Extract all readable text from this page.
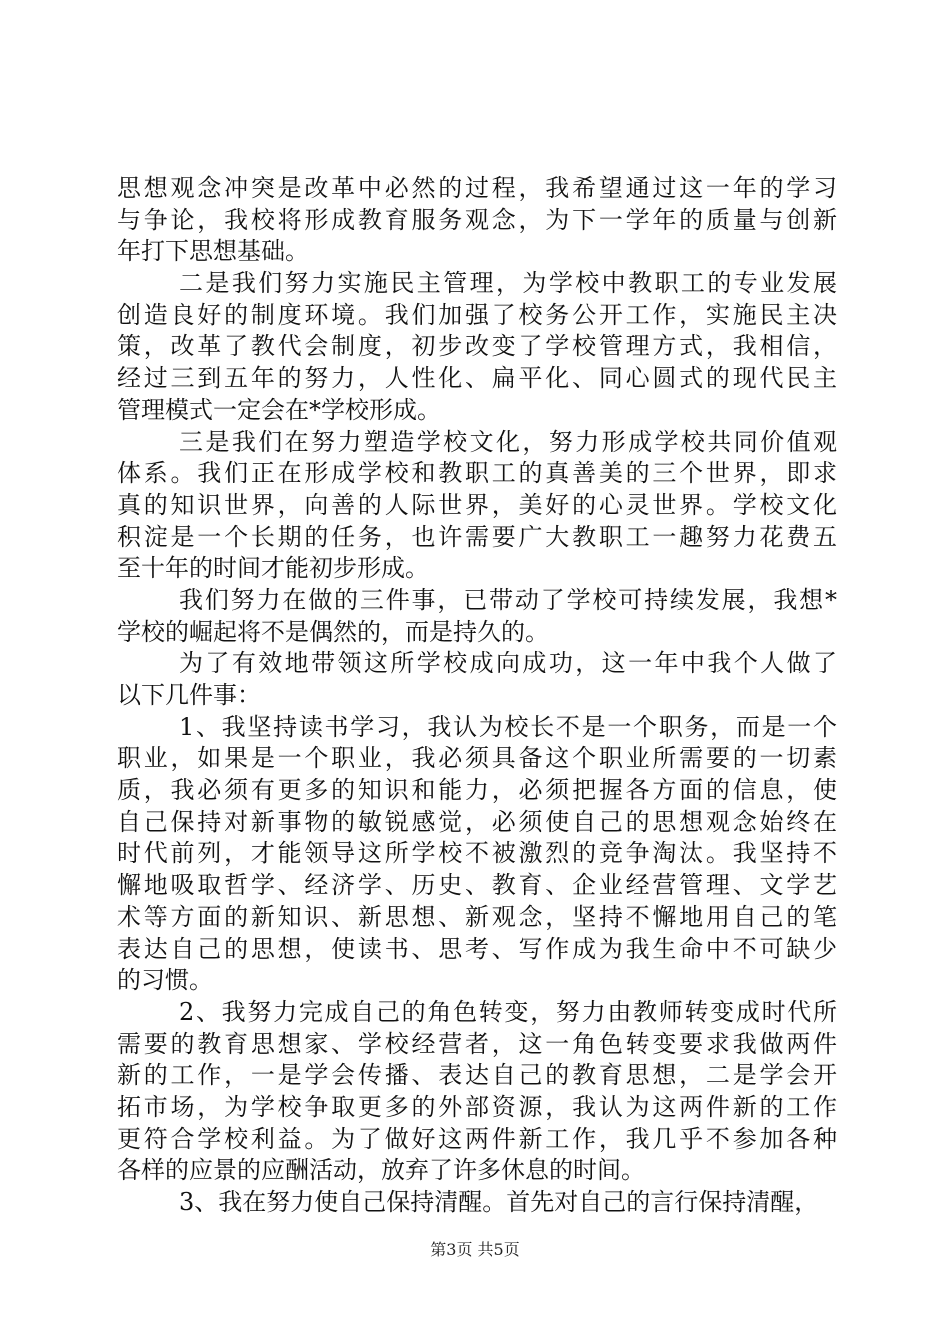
思想观念冲突是改革中必然的过程，我希望通过这一年的学习
与争论，我校将形成教育服务观念，为下一学年的质量与创新
年打下思想基础。
二是我们努力实施民主管理，为学校中教职工的专业发展
创造良好的制度环境。我们加强了校务公开工作，实施民主决
策，改革了教代会制度，初步改变了学校管理方式，我相信，
经过三到五年的努力，人性化、扁平化、同心圆式的现代民主
管理模式一定会在*学校形成。
三是我们在努力塑造学校文化，努力形成学校共同价值观
体系。我们正在形成学校和教职工的真善美的三个世界，即求
真的知识世界，向善的人际世界，美好的心灵世界。学校文化
积淀是一个长期的任务，也许需要广大教职工一趣努力花费五
至十年的时间才能初步形成。
我们努力在做的三件事，已带动了学校可持续发展，我想*
学校的崛起将不是偶然的，而是持久的。
为了有效地带领这所学校成向成功，这一年中我个人做了
以下几件事：
1、我坚持读书学习，我认为校长不是一个职务，而是一个
职业，如果是一个职业，我必须具备这个职业所需要的一切素
质，我必须有更多的知识和能力，必须把握各方面的信息，使
自己保持对新事物的敏锐感觉，必须使自己的思想观念始终在
时代前列，才能领导这所学校不被激烈的竞争淘汰。我坚持不
懈地吸取哲学、经济学、历史、教育、企业经营管理、文学艺
术等方面的新知识、新思想、新观念，坚持不懈地用自己的笔
表达自己的思想，使读书、思考、写作成为我生命中不可缺少
的习惯。
2、我努力完成自己的角色转变，努力由教师转变成时代所
需要的教育思想家、学校经营者，这一角色转变要求我做两件
新的工作，一是学会传播、表达自己的教育思想，二是学会开
拓市场，为学校争取更多的外部资源，我认为这两件新的工作
更符合学校利益。为了做好这两件新工作，我几乎不参加各种
各样的应景的应酬活动，放弃了许多休息的时间。
3、我在努力使自己保持清醒。首先对自己的言行保持清醒，
第3页 共5页
